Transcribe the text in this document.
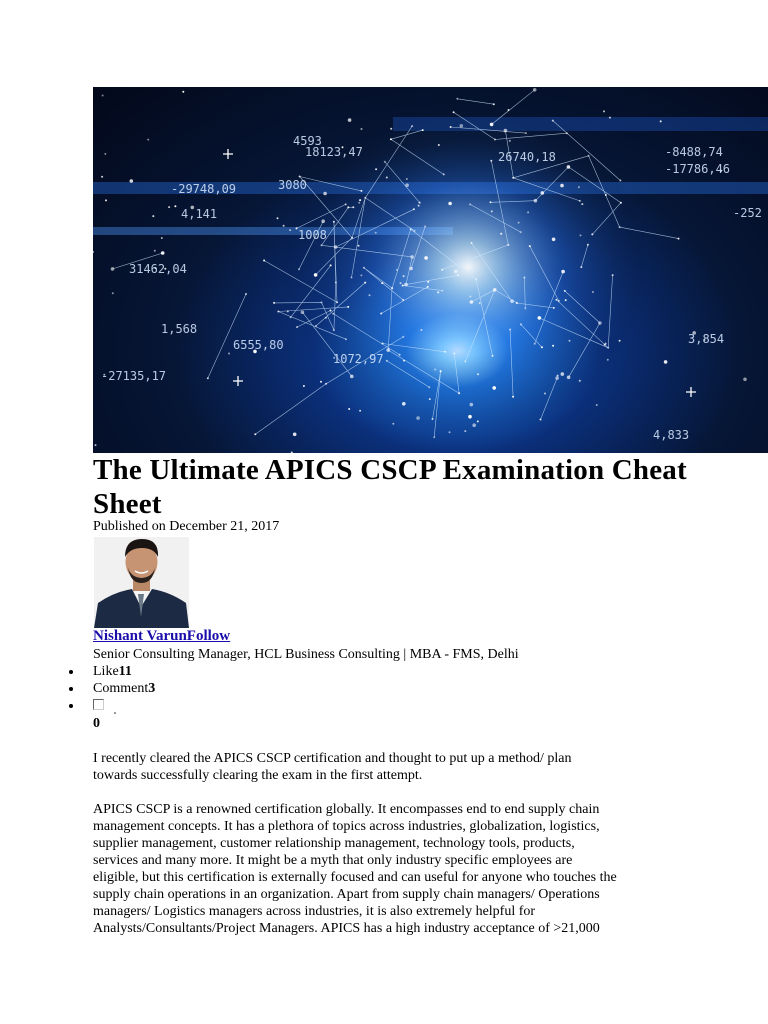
-8488,74
-17786,46
26740,18
-29748,09
4,141
31462,04
1,568
6555,80
-27135,17
1072,97
4,833
3,854
-252
18123,47
4593
3080
1008
The Ultimate APICS CSCP Examination Cheat Sheet
Published on December 21, 2017
Nishant VarunFollow
Senior Consulting Manager, HCL Business Consulting | MBA - FMS, Delhi
Like11
Comment3
0

I recently cleared the APICS CSCP certification and thought to put up a method/ plan
towards successfully clearing the exam in the first attempt.

APICS CSCP is a renowned certification globally. It encompasses end to end supply chain
management concepts. It has a plethora of topics across industries, globalization, logistics,
supplier management, customer relationship management, technology tools, products,
services and many more. It might be a myth that only industry specific employees are
eligible, but this certification is externally focused and can useful for anyone who touches the
supply chain operations in an organization. Apart from supply chain managers/ Operations
managers/ Logistics managers across industries, it is also extremely helpful for
Analysts/Consultants/Project Managers. APICS has a high industry acceptance of >21,000
